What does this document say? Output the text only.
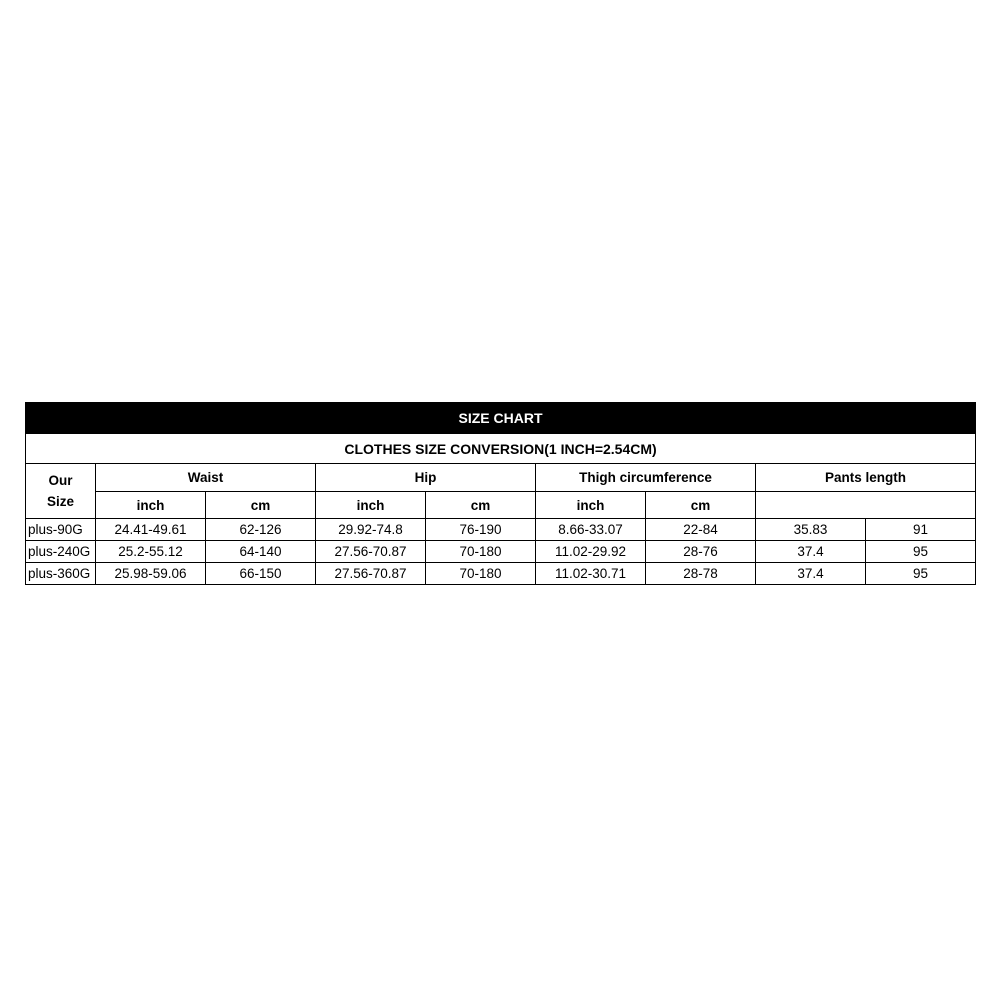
SIZE CHART								
CLOTHES SIZE CONVERSION(1 INCH=2.54CM)								

Our
Size	Waist		Hip		Thigh circumference		Pants length	
	inch	cm	inch	cm	inch	cm		
plus-90G	24.41-49.61	62-126	29.92-74.8	76-190	8.66-33.07	22-84	35.83	91
plus-240G	25.2-55.12	64-140	27.56-70.87	70-180	11.02-29.92	28-76	37.4	95
plus-360G	25.98-59.06	66-150	27.56-70.87	70-180	11.02-30.71	28-78	37.4	95
